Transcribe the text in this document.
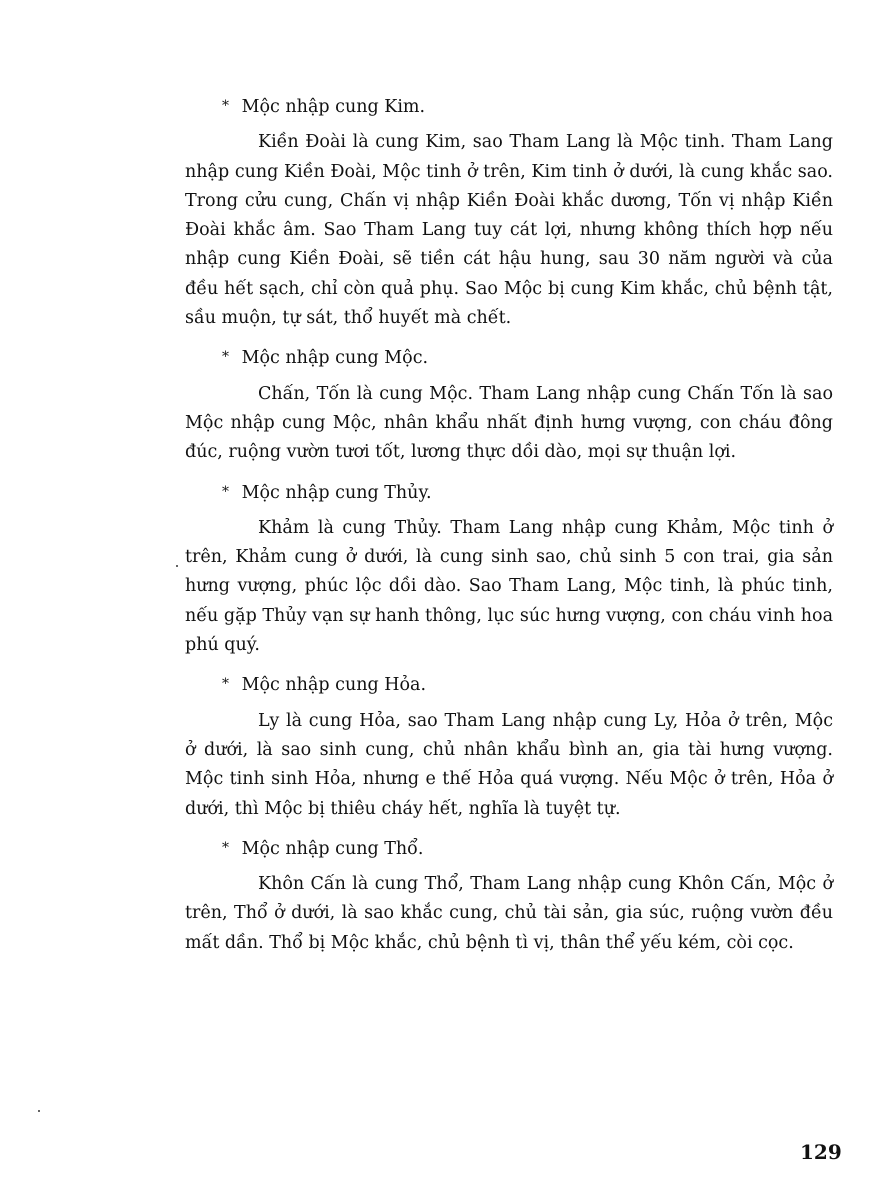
* Mộc nhập cung Kim.

Kiền Đoài là cung Kim, sao Tham Lang là Mộc tinh. Tham Lang nhập cung Kiền Đoài, Mộc tinh ở trên, Kim tinh ở dưới, là cung khắc sao. Trong cửu cung, Chấn vị nhập Kiền Đoài khắc dương, Tốn vị nhập Kiền Đoài khắc âm. Sao Tham Lang tuy cát lợi, nhưng không thích hợp nếu nhập cung Kiền Đoài, sẽ tiền cát hậu hung, sau 30 năm người và của đều hết sạch, chỉ còn quả phụ. Sao Mộc bị cung Kim khắc, chủ bệnh tật, sầu muộn, tự sát, thổ huyết mà chết.

* Mộc nhập cung Mộc.

Chấn, Tốn là cung Mộc. Tham Lang nhập cung Chấn Tốn là sao Mộc nhập cung Mộc, nhân khẩu nhất định hưng vượng, con cháu đông đúc, ruộng vườn tươi tốt, lương thực dồi dào, mọi sự thuận lợi.

* Mộc nhập cung Thủy.

Khảm là cung Thủy. Tham Lang nhập cung Khảm, Mộc tinh ở trên, Khảm cung ở dưới, là cung sinh sao, chủ sinh 5 con trai, gia sản hưng vượng, phúc lộc dồi dào. Sao Tham Lang, Mộc tinh, là phúc tinh, nếu gặp Thủy vạn sự hanh thông, lục súc hưng vượng, con cháu vinh hoa phú quý.

* Mộc nhập cung Hỏa.

Ly là cung Hỏa, sao Tham Lang nhập cung Ly, Hỏa ở trên, Mộc ở dưới, là sao sinh cung, chủ nhân khẩu bình an, gia tài hưng vượng. Mộc tinh sinh Hỏa, nhưng e thế Hỏa quá vượng. Nếu Mộc ở trên, Hỏa ở dưới, thì Mộc bị thiêu cháy hết, nghĩa là tuyệt tự.

* Mộc nhập cung Thổ.

Khôn Cấn là cung Thổ, Tham Lang nhập cung Khôn Cấn, Mộc ở trên, Thổ ở dưới, là sao khắc cung, chủ tài sản, gia súc, ruộng vườn đều mất dần. Thổ bị Mộc khắc, chủ bệnh tì vị, thân thể yếu kém, còi cọc.

129
